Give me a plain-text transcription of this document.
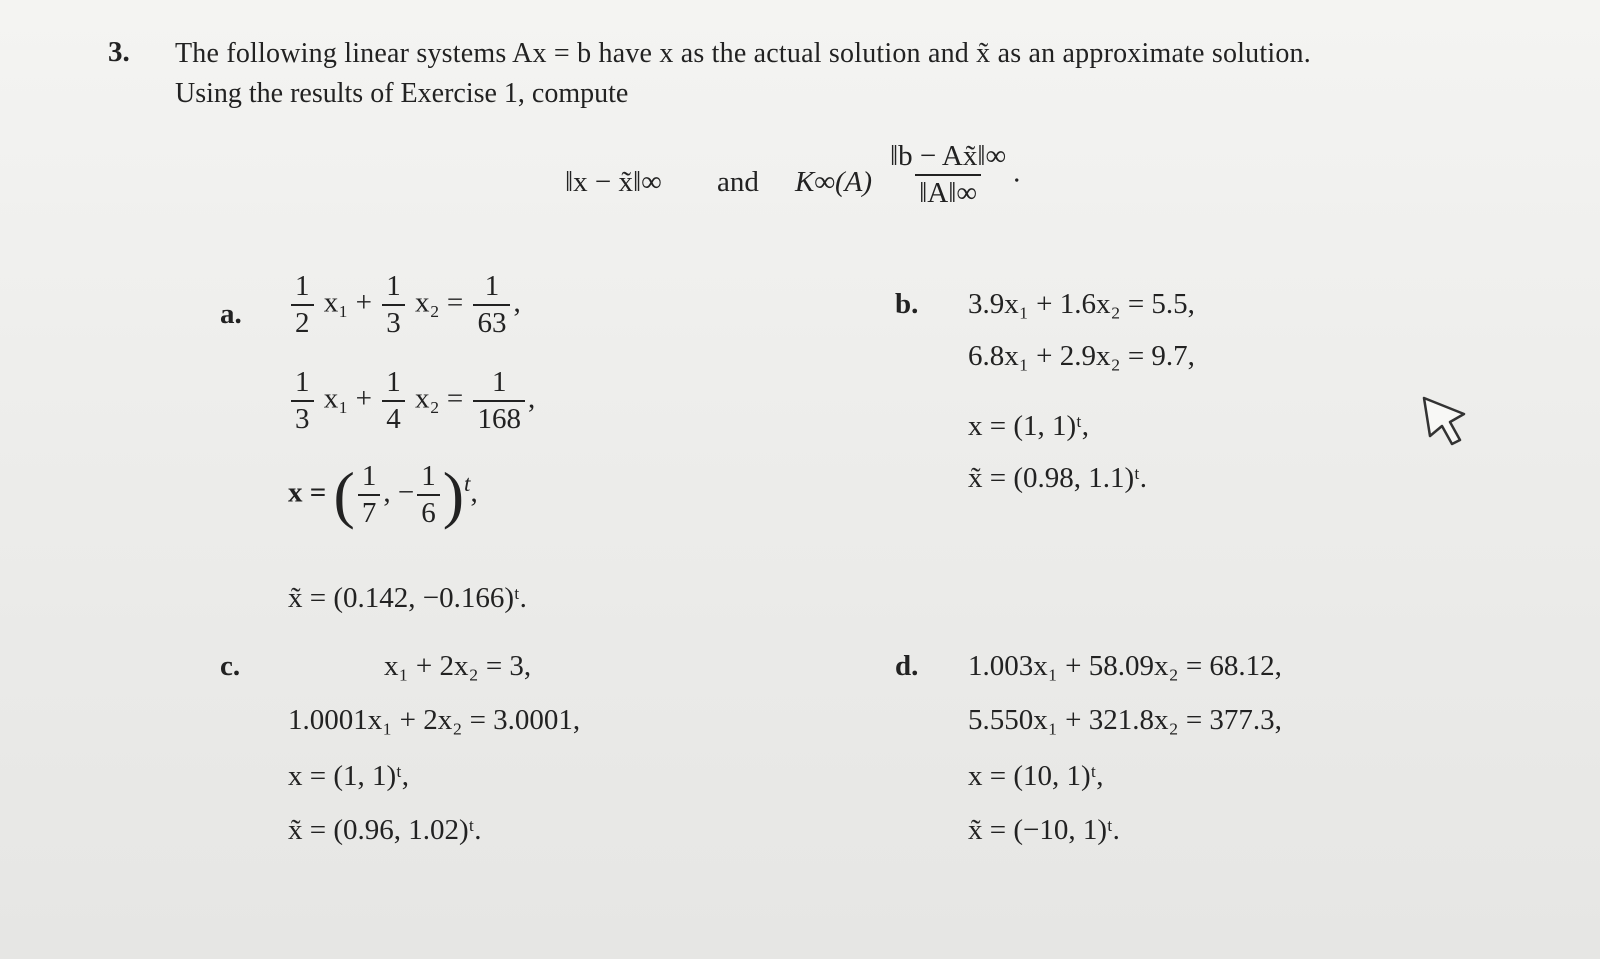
3. The following linear systems Ax = b have x as the actual solution and x̃ as an approximate solution.
Using the results of Exercise 1, compute
‖x − x̃‖∞ and $K\infty(A) \frac{‖b - Ax̃‖\infty}{‖A‖\infty}$ .
a. $\frac{1}{2} x_1 + \frac{1}{3} x_2 = \frac{1}{63}$ ,
$\frac{1}{3} x_1 + \frac{1}{4} x_2 = \frac{1}{168}$ ,
x = ( $\frac{1}{7}$ , − $\frac{1}{6} )^t$,
x̃ = (0.142, −0.166)ᵗ.
b. 3.9x₁ + 1.6x₂ = 5.5,
6.8x₁ + 2.9x₂ = 9.7,
x = (1, 1)ᵗ,
x̃ = (0.98, 1.1)ᵗ.
c.	x₁ + 2x₂ = 3,
1.0001x₁ + 2x₂ = 3.0001,
x = (1, 1)ᵗ,
x̃ = (0.96, 1.02)ᵗ.
d. 1.003x₁ + 58.09x₂ = 68.12,
5.550x₁ + 321.8x₂ = 377.3,
x = (10, 1)ᵗ,
x̃ = (−10, 1)ᵗ.
